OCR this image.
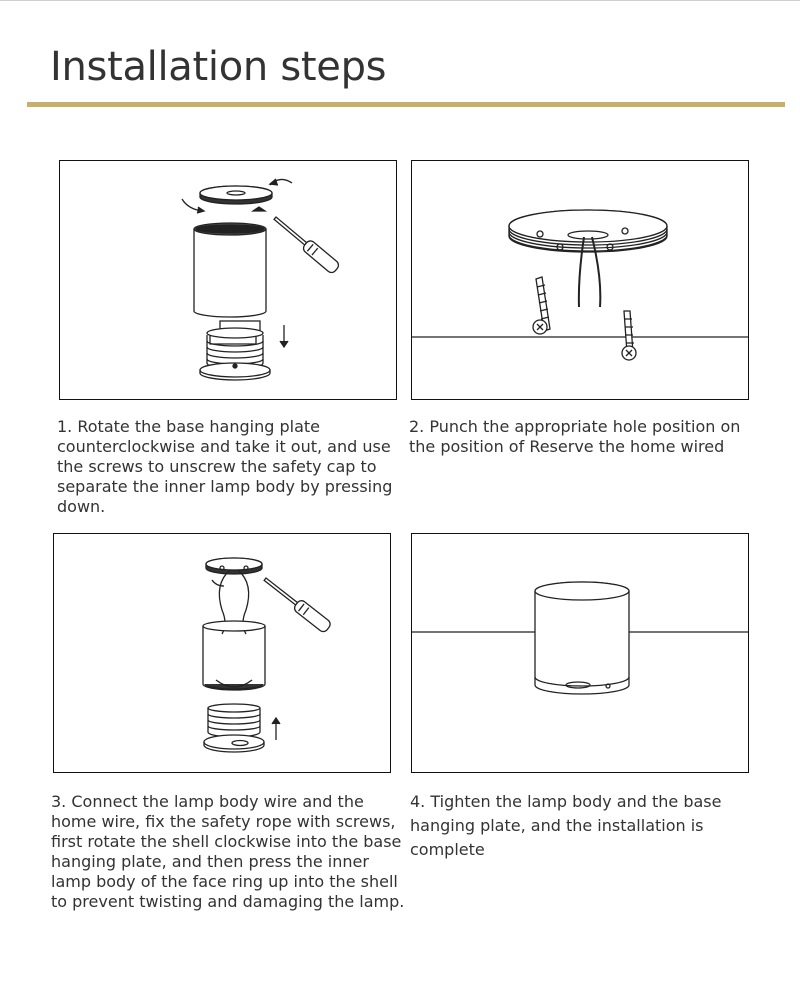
Installation steps

1. Rotate the base hanging plate counterclockwise and take it out, and use the screws to unscrew the safety cap to separate the inner lamp body by pressing down.

2. Punch the appropriate hole position on the position of Reserve the home wired

3. Connect the lamp body wire and the home wire, fix the safety rope with screws, first rotate the shell clockwise into the base hanging plate, and then press the inner lamp body of the face ring up into the shell to prevent twisting and damaging the lamp.

4. Tighten the lamp body and the base hanging plate, and the installation is complete
